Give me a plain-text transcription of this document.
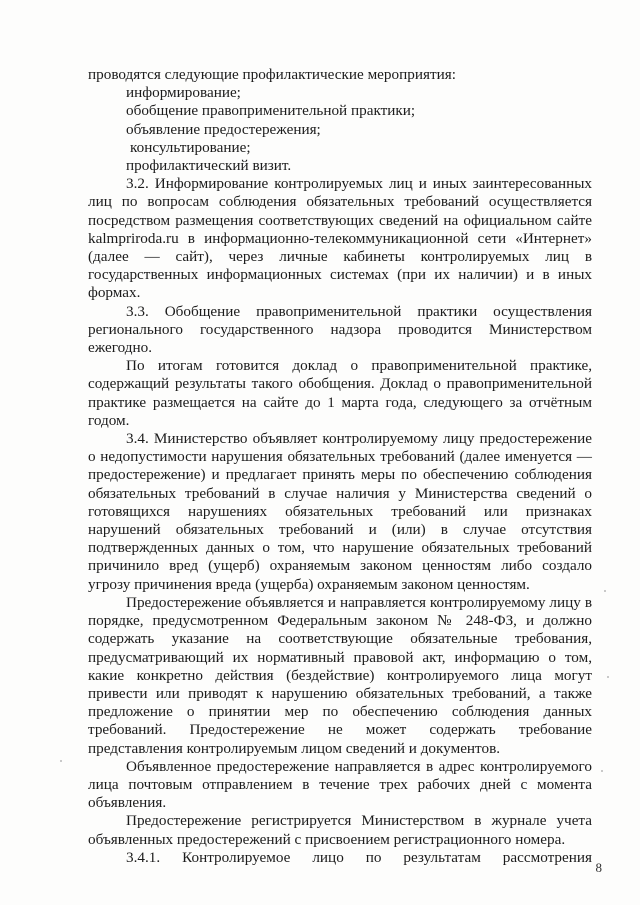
проводятся следующие профилактические мероприятия:

информирование;

обобщение правоприменительной практики;

объявление предостережения;

консультирование;

профилактический визит.

3.2. Информирование контролируемых лиц и иных заинтересованных лиц по вопросам соблюдения обязательных требований осуществляется посредством размещения соответствующих сведений на официальном сайте kalmpriroda.ru в информационно-телекоммуникационной сети «Интернет» (далее — сайт), через личные кабинеты контролируемых лиц в государственных информационных системах (при их наличии) и в иных формах.

3.3. Обобщение правоприменительной практики осуществления регионального государственного надзора проводится Министерством ежегодно.

По итогам готовится доклад о правоприменительной практике, содержащий результаты такого обобщения. Доклад о правоприменительной практике размещается на сайте до 1 марта года, следующего за отчётным годом.

3.4. Министерство объявляет контролируемому лицу предостережение о недопустимости нарушения обязательных требований (далее именуется — предостережение) и предлагает принять меры по обеспечению соблюдения обязательных требований в случае наличия у Министерства сведений о готовящихся нарушениях обязательных требований или признаках нарушений обязательных требований и (или) в случае отсутствия подтвержденных данных о том, что нарушение обязательных требований причинило вред (ущерб) охраняемым законом ценностям либо создало угрозу причинения вреда (ущерба) охраняемым законом ценностям.

Предостережение объявляется и направляется контролируемому лицу в порядке, предусмотренном Федеральным законом № 248-ФЗ, и должно содержать указание на соответствующие обязательные требования, предусматривающий их нормативный правовой акт, информацию о том, какие конкретно действия (бездействие) контролируемого лица могут привести или приводят к нарушению обязательных требований, а также предложение о принятии мер по обеспечению соблюдения данных требований. Предостережение не может содержать требование представления контролируемым лицом сведений и документов.

Объявленное предостережение направляется в адрес контролируемого лица почтовым отправлением в течение трех рабочих дней с момента объявления.

Предостережение регистрируется Министерством в журнале учета объявленных предостережений с присвоением регистрационного номера.

3.4.1. Контролируемое лицо по результатам рассмотрения

8
